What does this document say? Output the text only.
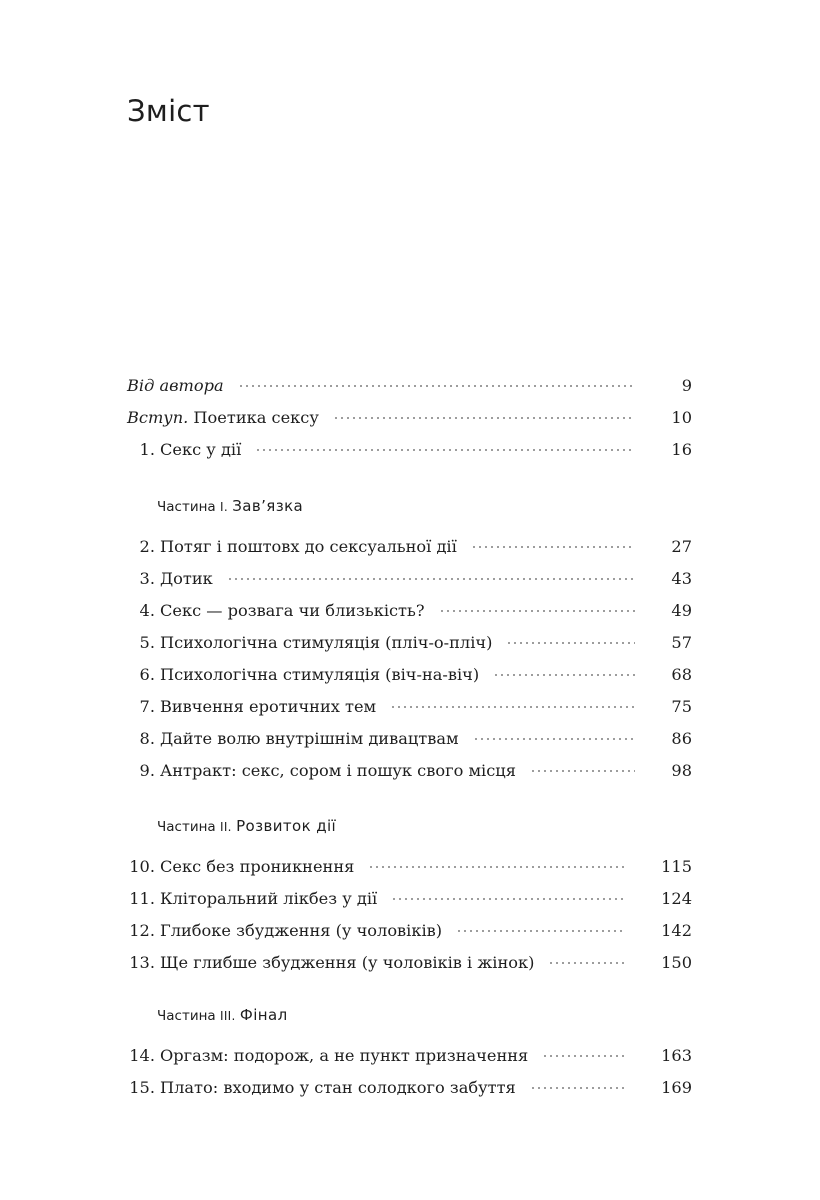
Зміст
Від автора	9
Вступ. Поетика сексу	10
1. Секс у дії	16
Частина I. Зав’язка
2. Потяг і поштовх до сексуальної дії	27
3. Дотик	43
4. Секс — розвага чи близькість?	49
5. Психологічна стимуляція (пліч-о-пліч)	57
6. Психологічна стимуляція (віч-на-віч)	68
7. Вивчення еротичних тем	75
8. Дайте волю внутрішнім дивацтвам	86
9. Антракт: секс, сором і пошук свого місця	98
Частина II. Розвиток дії
10. Секс без проникнення	115
11. Кліторальний лікбез у дії	124
12. Глибоке збудження (у чоловіків)	142
13. Ще глибше збудження (у чоловіків і жінок)	150
Частина III. Фінал
14. Оргазм: подорож, а не пункт призначення	163
15. Плато: входимо у стан солодкого забуття	169
